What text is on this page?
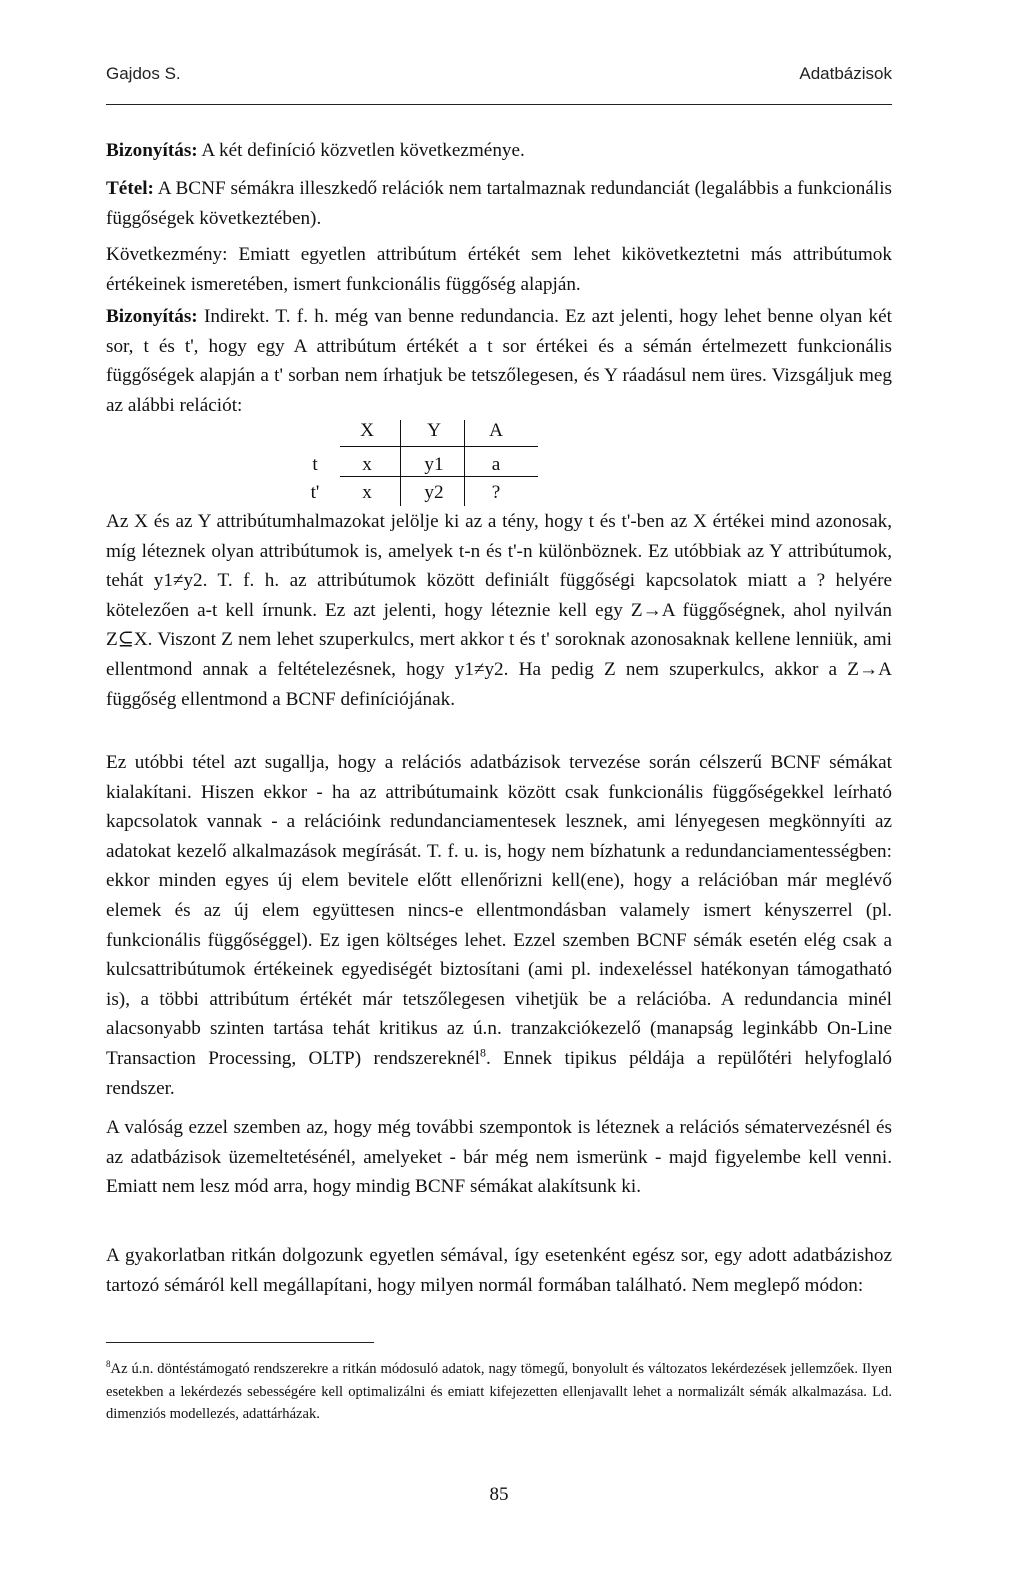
Gajdos S.	Adatbázisok

Bizonyítás: A két definíció közvetlen következménye.

Tétel: A BCNF sémákra illeszkedő relációk nem tartalmaznak redundanciát (legalábbis a funkcionális függőségek következtében).

Következmény: Emiatt egyetlen attribútum értékét sem lehet kikövetkeztetni más attribútumok értékeinek ismeretében, ismert funkcionális függőség alapján.

Bizonyítás: Indirekt. T. f. h. még van benne redundancia. Ez azt jelenti, hogy lehet benne olyan két sor, t és t', hogy egy A attribútum értékét a t sor értékei és a sémán értelmezett funkcionális függőségek alapján a t' sorban nem írhatjuk be tetszőlegesen, és Y ráadásul nem üres. Vizsgáljuk meg az alábbi relációt:

X	Y	A
t	x	y1	a
t'	x	y2	?

Az X és az Y attribútumhalmazokat jelölje ki az a tény, hogy t és t'-ben az X értékei mind azonosak, míg léteznek olyan attribútumok is, amelyek t-n és t'-n különböznek. Ez utóbbiak az Y attribútumok, tehát y1≠y2. T. f. h. az attribútumok között definiált függőségi kapcsolatok miatt a ? helyére kötelezően a-t kell írnunk. Ez azt jelenti, hogy léteznie kell egy Z→A függőségnek, ahol nyilván Z⊆X. Viszont Z nem lehet szuperkulcs, mert akkor t és t' soroknak azonosaknak kellene lenniük, ami ellentmond annak a feltételezésnek, hogy y1≠y2. Ha pedig Z nem szuperkulcs, akkor a Z→A függőség ellentmond a BCNF definíciójának.

Ez utóbbi tétel azt sugallja, hogy a relációs adatbázisok tervezése során célszerű BCNF sémákat kialakítani. Hiszen ekkor - ha az attribútumaink között csak funkcionális függőségekkel leírható kapcsolatok vannak - a relációink redundanciamentesek lesznek, ami lényegesen megkönnyíti az adatokat kezelő alkalmazások megírását. T. f. u. is, hogy nem bízhatunk a redundanciamentességben: ekkor minden egyes új elem bevitele előtt ellenőrizni kell(ene), hogy a relációban már meglévő elemek és az új elem együttesen nincs-e ellentmondásban valamely ismert kényszerrel (pl. funkcionális függőséggel). Ez igen költséges lehet. Ezzel szemben BCNF sémák esetén elég csak a kulcsattribútumok értékeinek egyediségét biztosítani (ami pl. indexeléssel hatékonyan támogatható is), a többi attribútum értékét már tetszőlegesen vihetjük be a relációba. A redundancia minél alacsonyabb szinten tartása tehát kritikus az ú.n. tranzakciókezelő (manapság leginkább On-Line Transaction Processing, OLTP) rendszereknél$^8$. Ennek tipikus példája a repülőtéri helyfoglaló rendszer.

A valóság ezzel szemben az, hogy még további szempontok is léteznek a relációs sématervezésnél és az adatbázisok üzemeltetésénél, amelyeket - bár még nem ismerünk - majd figyelembe kell venni. Emiatt nem lesz mód arra, hogy mindig BCNF sémákat alakítsunk ki.

A gyakorlatban ritkán dolgozunk egyetlen sémával, így esetenként egész sor, egy adott adatbázishoz tartozó sémáról kell megállapítani, hogy milyen normál formában található. Nem meglepő módon:

$^8$Az ú.n. döntéstámogató rendszerekre a ritkán módosuló adatok, nagy tömegű, bonyolult és változatos lekérdezések jellemzőek. Ilyen esetekben a lekérdezés sebességére kell optimalizálni és emiatt kifejezetten ellenjavallt lehet a normalizált sémák alkalmazása. Ld. dimenziós modellezés, adattárházak.

85
